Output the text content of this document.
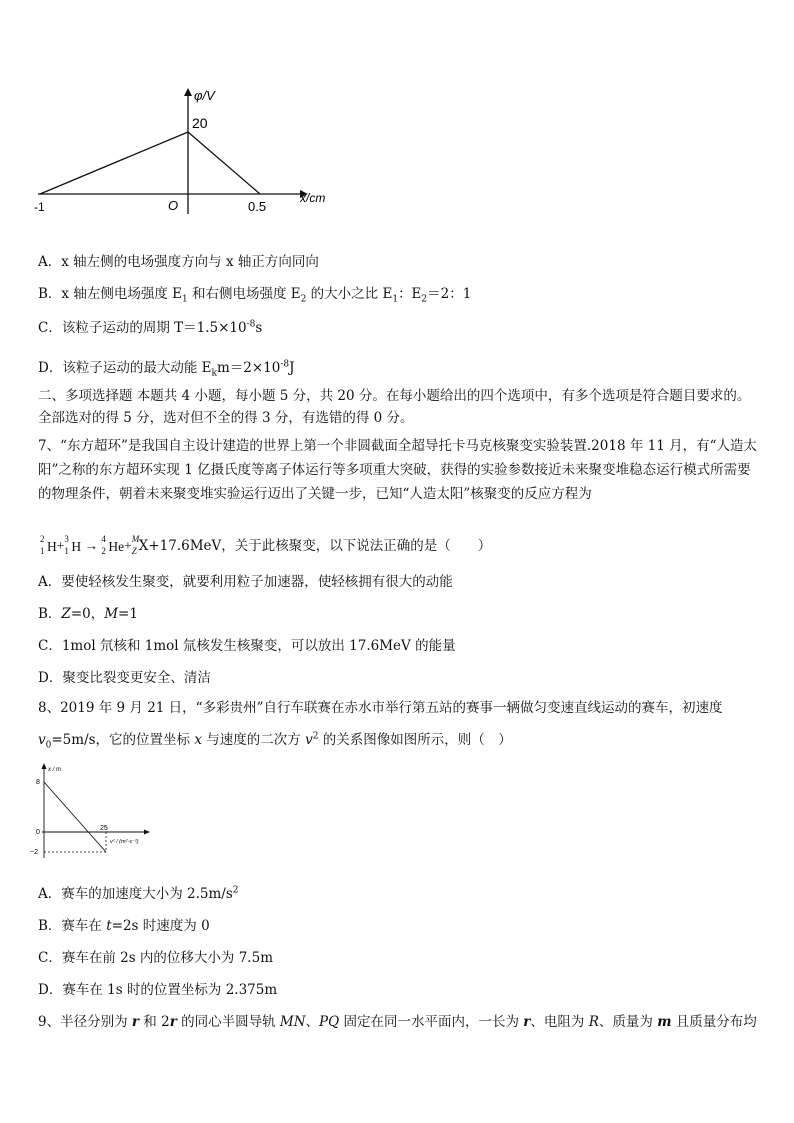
φ/V
x/cm
20
O
-1	0.5
A．x 轴左侧的电场强度方向与 x 轴正方向同向
B．x 轴左侧电场强度 $E_1$ 和右侧电场强度 $E_2$ 的大小之比 $E_1$：$E_2=2$：1
C．该粒子运动的周期 $T=1.5\times 10^{-8}s$
D．该粒子运动的最大动能 $E_km=2\times 10^{-8}J$
二、多项选择题 本题共 4 小题，每小题 5 分，共 20 分。在每小题给出的四个选项中，有多个选项是符合题目要求的。全部选对的得 5 分，选对但不全的得 3 分，有选错的得 0 分。
7、“东方超环”是我国自主设计建造的世界上第一个非圆截面全超导托卡马克核聚变实验装置.2018 年 11 月，有“人造太阳”之称的东方超环实现 1 亿摄氏度等离子体运行等多项重大突破，获得的实验参数接近未来聚变堆稳态运行模式所需要的物理条件，朝着未来聚变堆实验运行迈出了关键一步，已知“人造太阳”核聚变的反应方程为
2
1 H+ 3
1 H → 4
2 He+ M
Z X+17.6MeV，关于此核聚变，以下说法正确的是（　　）
A．要使轻核发生聚变，就要利用粒子加速器，使轻核拥有很大的动能
B．Z=0，M=1
C．1mol 氘核和 1mol 氚核发生核聚变，可以放出 17.6MeV 的能量
D．聚变比裂变更安全、清洁
8、2019 年 9 月 21 日，“多彩贵州”自行车联赛在赤水市举行第五站的赛事一辆做匀变速直线运动的赛车，初速度
$v_0=5m/s$，它的位置坐标 x 与速度的二次方 $v^2$ 的关系图像如图所示，则（　）
x / m
8
0
−2
25
v² / (m²·s⁻²)
A．赛车的加速度大小为 $2.5m/s^2$
B．赛车在 t=2s 时速度为 0
C．赛车在前 2s 内的位移大小为 7.5m
D．赛车在 1s 时的位置坐标为 2.375m
9、半径分别为 r 和 2r 的同心半圆导轨 MN、PQ 固定在同一水平面内，一长为 r、电阻为 R、质量为 m 且质量分布均
